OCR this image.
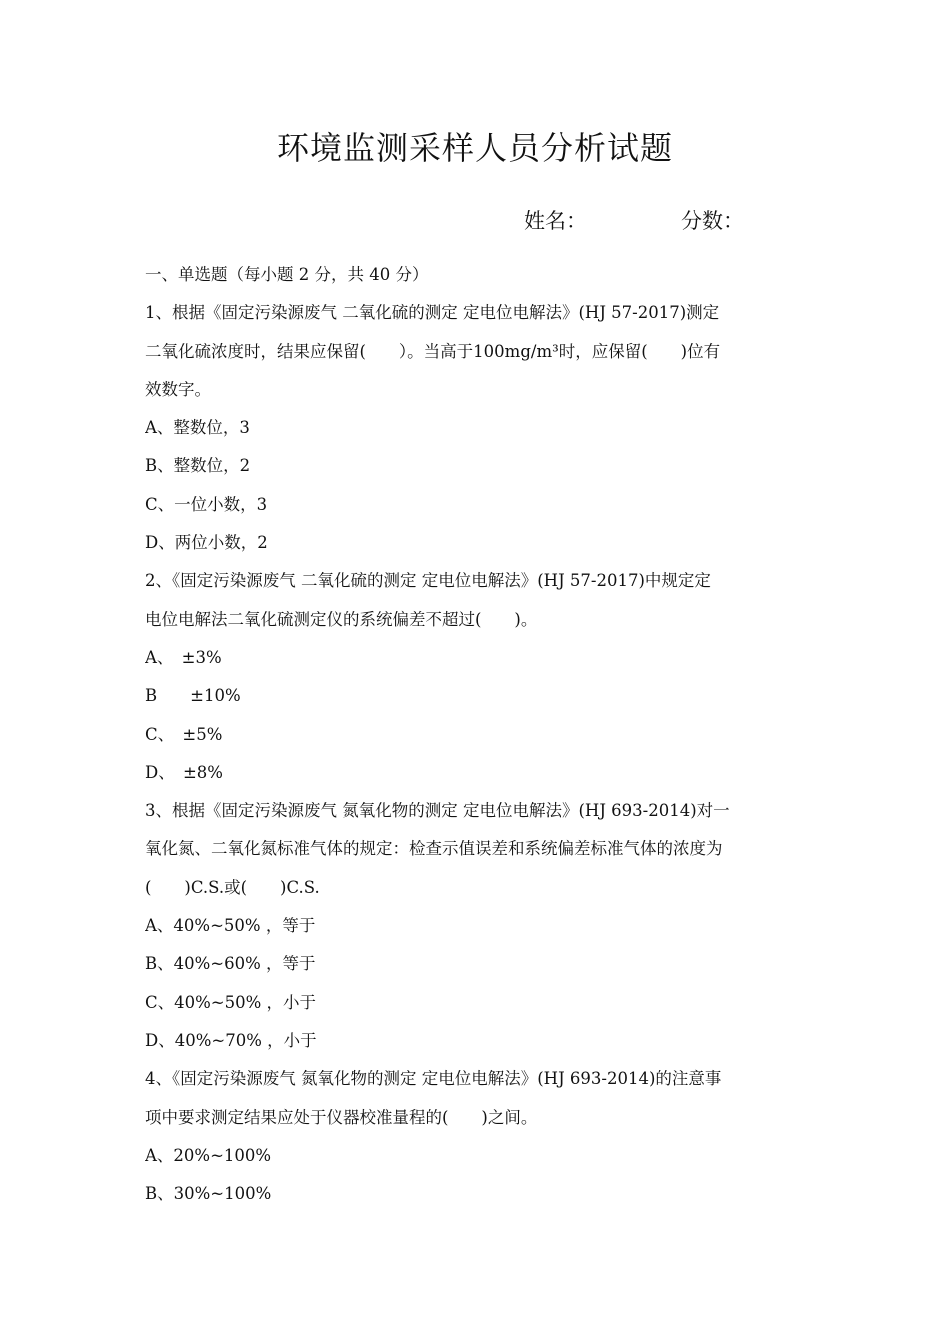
环境监测采样人员分析试题
姓名：	分数：
一、单选题（每小题 2 分，共 40 分）
1、根据《固定污染源废气 二氧化硫的测定 定电位电解法》(HJ 57-2017)测定
二氧化硫浓度时，结果应保留(　　）。当高于100mg/m³时，应保留(　　)位有
效数字。
A、整数位，3
B、整数位，2
C、一位小数，3
D、两位小数，2
2、《固定污染源废气 二氧化硫的测定 定电位电解法》(HJ 57-2017)中规定定
电位电解法二氧化硫测定仪的系统偏差不超过(　　)。
A、　±3%
B　　±10%
C、　±5%
D、　±8%
3、根据《固定污染源废气 氮氧化物的测定 定电位电解法》(HJ 693-2014)对一
氧化氮、二氧化氮标准气体的规定：检查示值误差和系统偏差标准气体的浓度为
(　　)C.S.或(　　)C.S.
A、40%~50% ，等于
B、40%~60% ，等于
C、40%~50% ，小于
D、40%~70% ，小于
4、《固定污染源废气 氮氧化物的测定 定电位电解法》(HJ 693-2014)的注意事
项中要求测定结果应处于仪器校准量程的(　　)之间。
A、20%~100%
B、30%~100%
